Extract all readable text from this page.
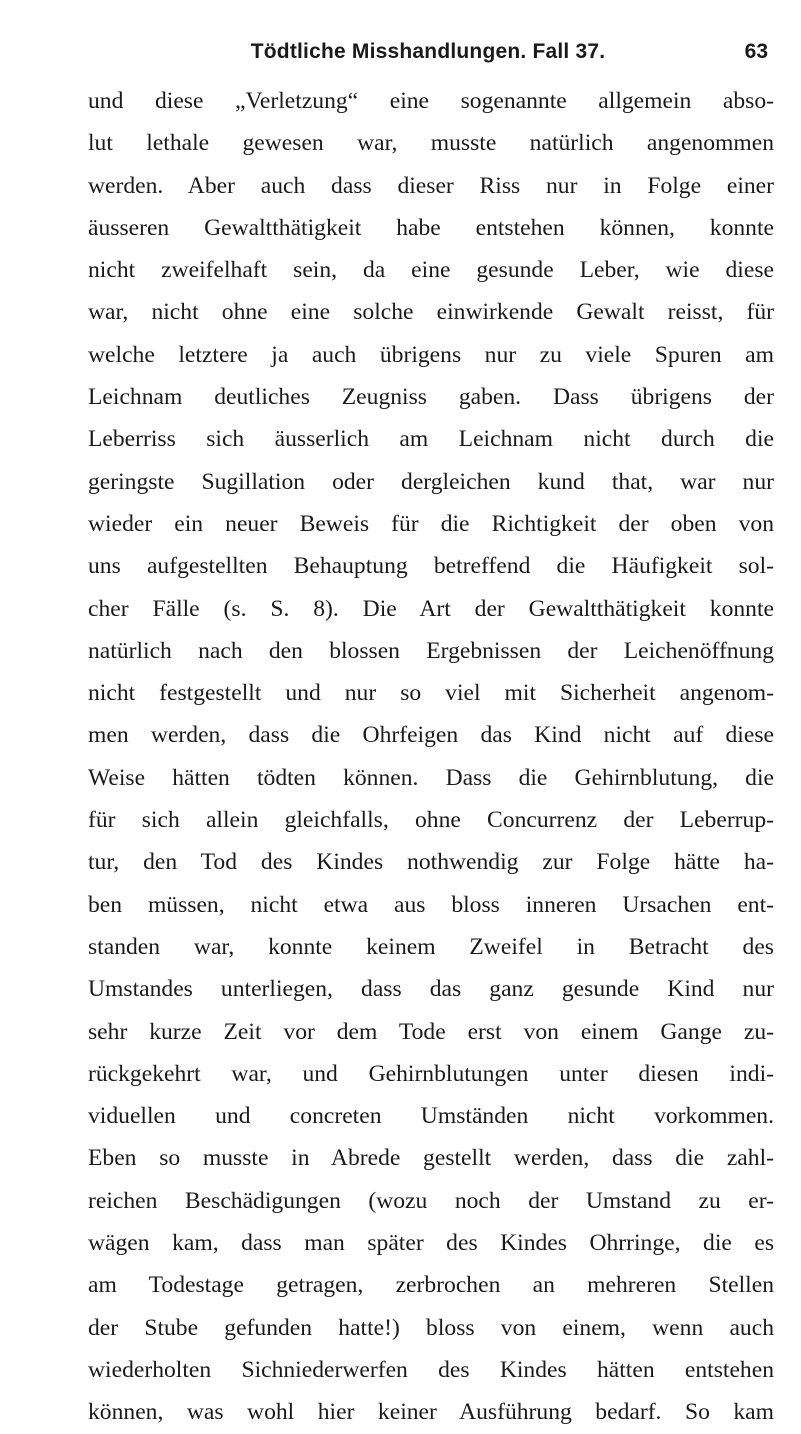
Tödtliche Misshandlungen. Fall 37.	63
und diese „Verletzung“ eine sogenannte allgemein abso-
lut lethale gewesen war, musste natürlich angenommen
werden. Aber auch dass dieser Riss nur in Folge einer
äusseren Gewaltthätigkeit habe entstehen können, konnte
nicht zweifelhaft sein, da eine gesunde Leber, wie diese
war, nicht ohne eine solche einwirkende Gewalt reisst, für
welche letztere ja auch übrigens nur zu viele Spuren am
Leichnam deutliches Zeugniss gaben. Dass übrigens der
Leberriss sich äusserlich am Leichnam nicht durch die
geringste Sugillation oder dergleichen kund that, war nur
wieder ein neuer Beweis für die Richtigkeit der oben von
uns aufgestellten Behauptung betreffend die Häufigkeit sol-
cher Fälle (s. S. 8). Die Art der Gewaltthätigkeit konnte
natürlich nach den blossen Ergebnissen der Leichenöffnung
nicht festgestellt und nur so viel mit Sicherheit angenom-
men werden, dass die Ohrfeigen das Kind nicht auf diese
Weise hätten tödten können. Dass die Gehirnblutung, die
für sich allein gleichfalls, ohne Concurrenz der Leberrup-
tur, den Tod des Kindes nothwendig zur Folge hätte ha-
ben müssen, nicht etwa aus bloss inneren Ursachen ent-
standen war, konnte keinem Zweifel in Betracht des
Umstandes unterliegen, dass das ganz gesunde Kind nur
sehr kurze Zeit vor dem Tode erst von einem Gange zu-
rückgekehrt war, und Gehirnblutungen unter diesen indi-
viduellen und concreten Umständen nicht vorkommen.
Eben so musste in Abrede gestellt werden, dass die zahl-
reichen Beschädigungen (wozu noch der Umstand zu er-
wägen kam, dass man später des Kindes Ohrringe, die es
am Todestage getragen, zerbrochen an mehreren Stellen
der Stube gefunden hatte!) bloss von einem, wenn auch
wiederholten Sichniederwerfen des Kindes hätten entstehen
können, was wohl hier keiner Ausführung bedarf. So kam
